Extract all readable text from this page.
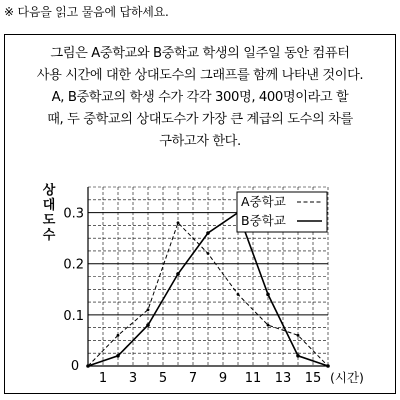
※ 다음을 읽고 물음에 답하세요.

그림은 A중학교와 B중학교 학생의 일주일 동안 컴퓨터

사용 시간에 대한 상대도수의 그래프를 함께 나타낸 것이다.

A, B중학교의 학생 수가 각각 300명, 400명이라고 할

때, 두 중학교의 상대도수가 가장 큰 계급의 도수의 차를

구하고자 한다.

1 3 5 7 9 11 13 15 (시간)
0
0.1
0.2
0.3
상
대
도
수
A중학교
B중학교
